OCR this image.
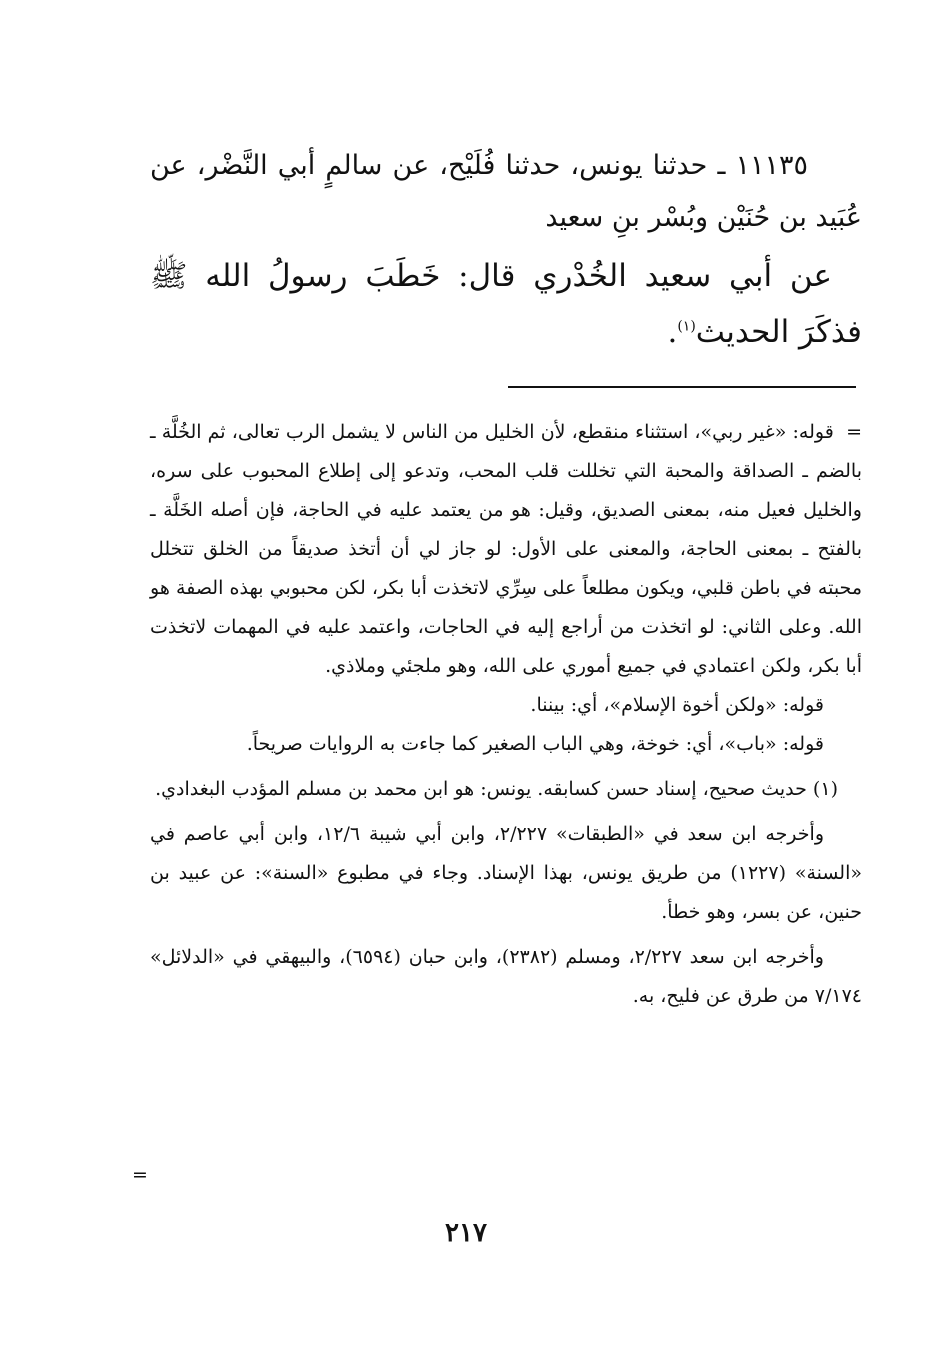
١١١٣٥ ـ حدثنا يونس، حدثنا فُلَيْح، عن سالمٍ أبي النَّضْر، عن عُبَيد بن حُنَيْن وبُسْر بنِ سعيد

عن أبي سعيد الخُدْري قال: خَطَبَ رسولُ الله ﷺ فذكَرَ الحديث$^{(١)}$.

=  قوله: «غير ربي»، استثناء منقطع، لأن الخليل من الناس لا يشمل الرب تعالى، ثم الخُلَّة ـ بالضم ـ الصداقة والمحبة التي تخللت قلب المحب، وتدعو إلى إطلاع المحبوب على سره، والخليل فعيل منه، بمعنى الصديق، وقيل: هو من يعتمد عليه في الحاجة، فإن أصله الخَلَّة ـ بالفتح ـ بمعنى الحاجة، والمعنى على الأول: لو جاز لي أن أتخذ صديقاً من الخلق تتخلل محبته في باطن قلبي، ويكون مطلعاً على سِرِّي لاتخذت أبا بكر، لكن محبوبي بهذه الصفة هو الله. وعلى الثاني: لو اتخذت من أراجع إليه في الحاجات، واعتمد عليه في المهمات لاتخذت أبا بكر، ولكن اعتمادي في جميع أموري على الله، وهو ملجئي وملاذي.

قوله: «ولكن أخوة الإسلام»، أي: بيننا.

قوله: «باب»، أي: خوخة، وهي الباب الصغير كما جاءت به الروايات صريحاً.

(١) حديث صحيح، إسناد حسن كسابقه. يونس: هو ابن محمد بن مسلم المؤدب البغدادي.

وأخرجه ابن سعد في «الطبقات» ٢/٢٢٧، وابن أبي شيبة ١٢/٦، وابن أبي عاصم في «السنة» (١٢٢٧) من طريق يونس، بهذا الإسناد. وجاء في مطبوع «السنة»: عن عبيد بن حنين، عن بسر، وهو خطأ.

وأخرجه ابن سعد ٢/٢٢٧، ومسلم (٢٣٨٢)، وابن حبان (٦٥٩٤)، والبيهقي في «الدلائل» ٧/١٧٤ من طرق عن فليح، به.

=
٢١٧
